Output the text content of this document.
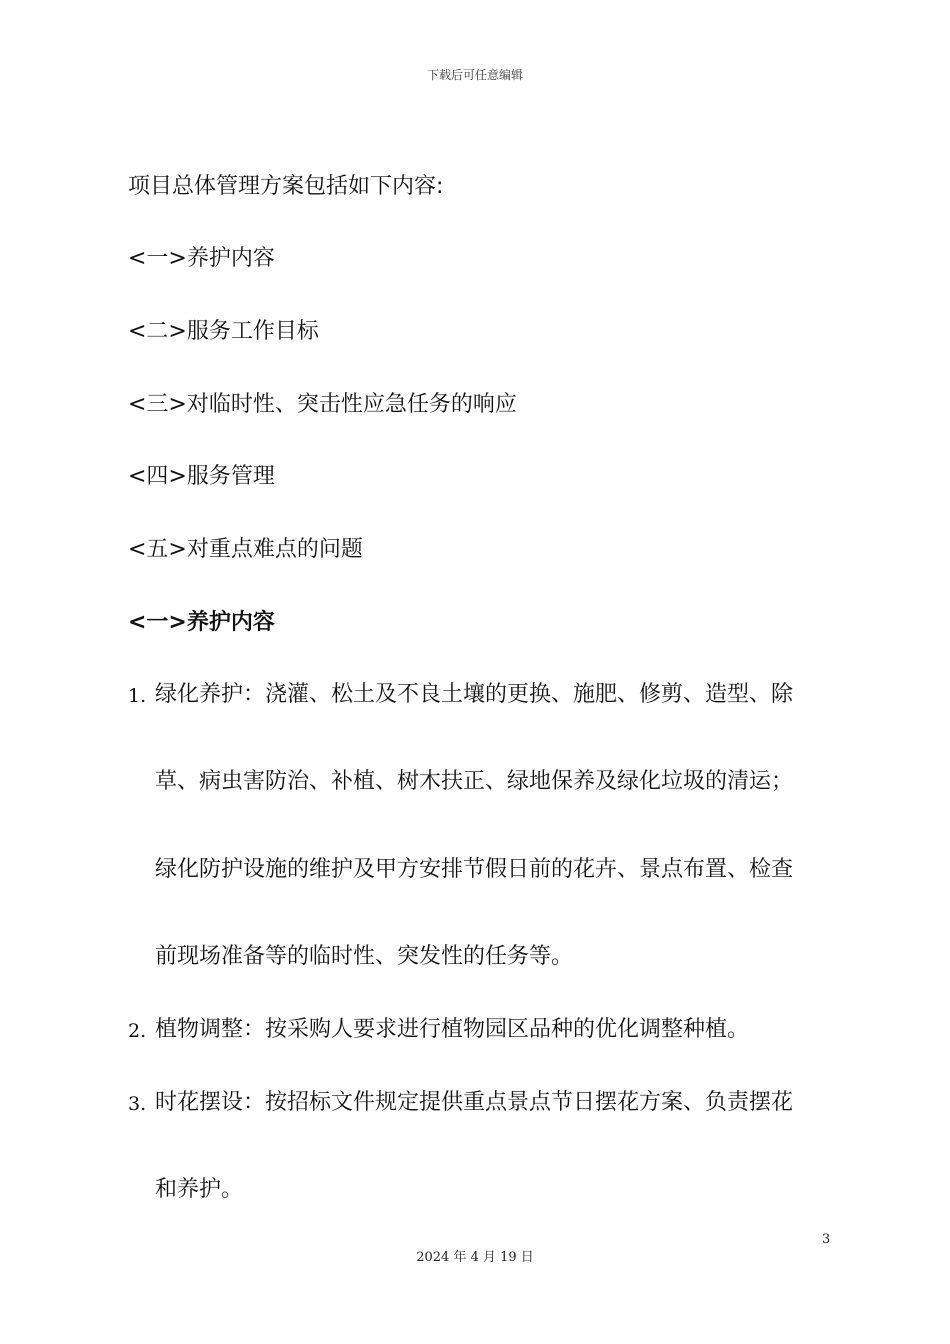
下载后可任意编辑
项目总体管理方案包括如下内容:
<一>养护内容
<二>服务工作目标
<三>对临时性、突击性应急任务的响应
<四>服务管理
<五>对重点难点的问题
<一>养护内容
1. 绿化养护：浇灌、松土及不良土壤的更换、施肥、修剪、造型、除
草、病虫害防治、补植、树木扶正、绿地保养及绿化垃圾的清运；
绿化防护设施的维护及甲方安排节假日前的花卉、景点布置、检查
前现场准备等的临时性、突发性的任务等。
2. 植物调整：按采购人要求进行植物园区品种的优化调整种植。
3. 时花摆设：按招标文件规定提供重点景点节日摆花方案、负责摆花
和养护。
3
2024 年 4 月 19 日
